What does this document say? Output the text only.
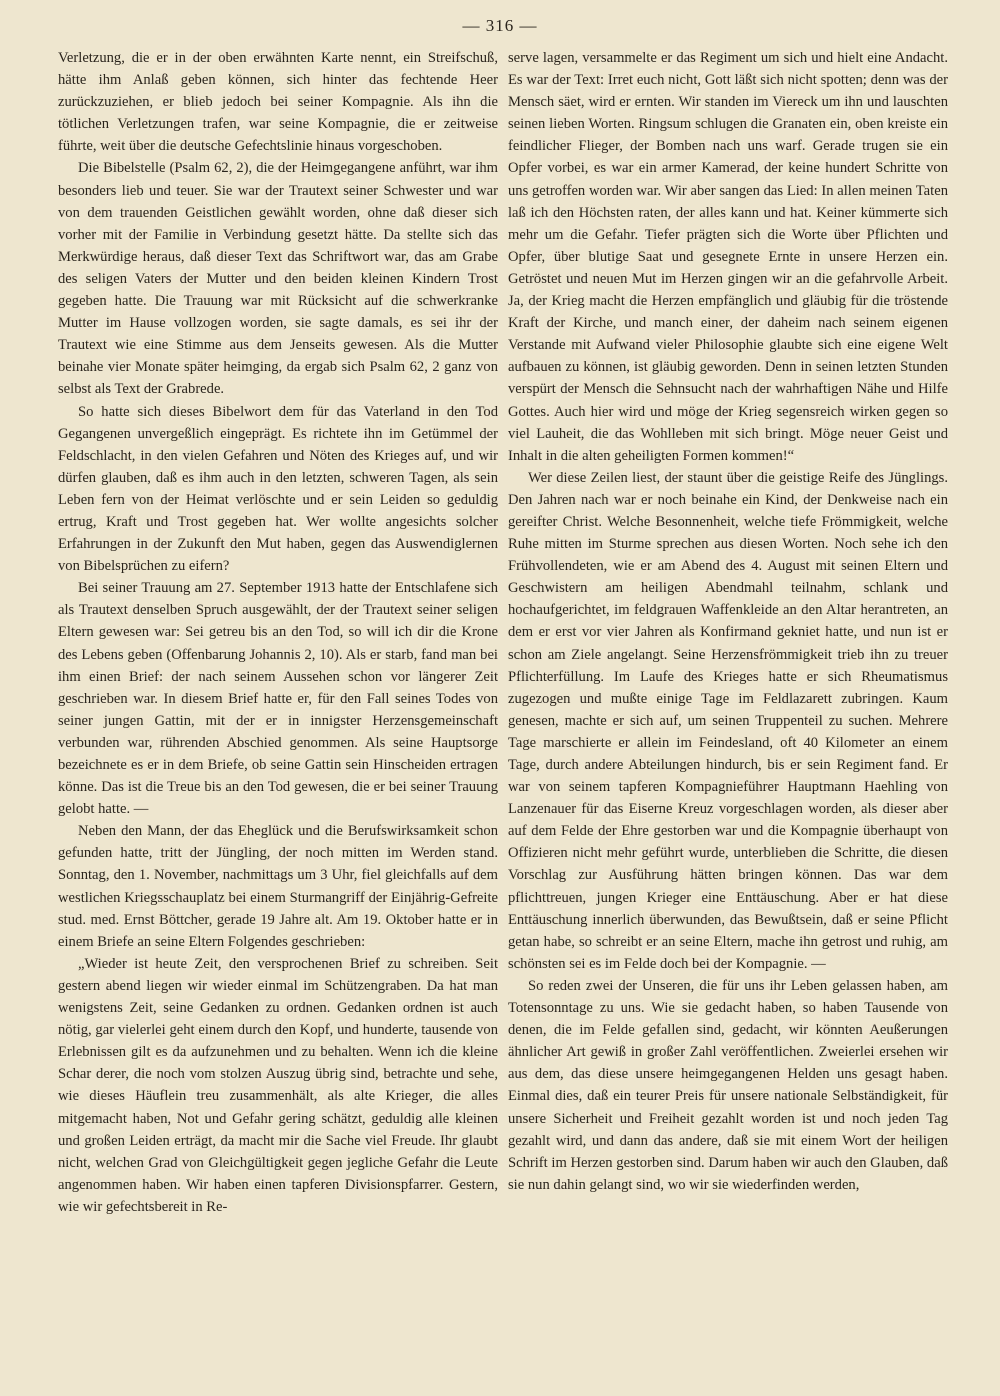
— 316 —

Verletzung, die er in der oben erwähnten Karte nennt, ein Streifschuß, hätte ihm Anlaß geben können, sich hinter das fechtende Heer zurückzuziehen, er blieb jedoch bei seiner Kompagnie. Als ihn die tötlichen Verletzungen trafen, war seine Kompagnie, die er zeitweise führte, weit über die deutsche Gefechtslinie hinaus vorgeschoben.

Die Bibelstelle (Psalm 62, 2), die der Heimgegangene anführt, war ihm besonders lieb und teuer. Sie war der Trautext seiner Schwester und war von dem trauenden Geistlichen gewählt worden, ohne daß dieser sich vorher mit der Familie in Verbindung gesetzt hätte. Da stellte sich das Merkwürdige heraus, daß dieser Text das Schriftwort war, das am Grabe des seligen Vaters der Mutter und den beiden kleinen Kindern Trost gegeben hatte. Die Trauung war mit Rücksicht auf die schwerkranke Mutter im Hause vollzogen worden, sie sagte damals, es sei ihr der Trautext wie eine Stimme aus dem Jenseits gewesen. Als die Mutter beinahe vier Monate später heimging, da ergab sich Psalm 62, 2 ganz von selbst als Text der Grabrede.

So hatte sich dieses Bibelwort dem für das Vaterland in den Tod Gegangenen unvergeßlich eingeprägt. Es richtete ihn im Getümmel der Feldschlacht, in den vielen Gefahren und Nöten des Krieges auf, und wir dürfen glauben, daß es ihm auch in den letzten, schweren Tagen, als sein Leben fern von der Heimat verlöschte und er sein Leiden so geduldig ertrug, Kraft und Trost gegeben hat. Wer wollte angesichts solcher Erfahrungen in der Zukunft den Mut haben, gegen das Auswendiglernen von Bibelsprüchen zu eifern?

Bei seiner Trauung am 27. September 1913 hatte der Entschlafene sich als Trautext denselben Spruch ausgewählt, der der Trautext seiner seligen Eltern gewesen war: Sei getreu bis an den Tod, so will ich dir die Krone des Lebens geben (Offenbarung Johannis 2, 10). Als er starb, fand man bei ihm einen Brief: der nach seinem Aussehen schon vor längerer Zeit geschrieben war. In diesem Brief hatte er, für den Fall seines Todes von seiner jungen Gattin, mit der er in innigster Herzensgemeinschaft verbunden war, rührenden Abschied genommen. Als seine Hauptsorge bezeichnete es er in dem Briefe, ob seine Gattin sein Hinscheiden ertragen könne. Das ist die Treue bis an den Tod gewesen, die er bei seiner Trauung gelobt hatte. —

Neben den Mann, der das Eheglück und die Berufswirksamkeit schon gefunden hatte, tritt der Jüngling, der noch mitten im Werden stand. Sonntag, den 1. November, nachmittags um 3 Uhr, fiel gleichfalls auf dem westlichen Kriegsschauplatz bei einem Sturmangriff der Einjährig-Gefreite stud. med. Ernst Böttcher, gerade 19 Jahre alt. Am 19. Oktober hatte er in einem Briefe an seine Eltern Folgendes geschrieben:

„Wieder ist heute Zeit, den versprochenen Brief zu schreiben. Seit gestern abend liegen wir wieder einmal im Schützengraben. Da hat man wenigstens Zeit, seine Gedanken zu ordnen. Gedanken ordnen ist auch nötig, gar vielerlei geht einem durch den Kopf, und hunderte, tausende von Erlebnissen gilt es da aufzunehmen und zu behalten. Wenn ich die kleine Schar derer, die noch vom stolzen Auszug übrig sind, betrachte und sehe, wie dieses Häuflein treu zusammenhält, als alte Krieger, die alles mitgemacht haben, Not und Gefahr gering schätzt, geduldig alle kleinen und großen Leiden erträgt, da macht mir die Sache viel Freude. Ihr glaubt nicht, welchen Grad von Gleichgültigkeit gegen jegliche Gefahr die Leute angenommen haben. Wir haben einen tapferen Divisionspfarrer. Gestern, wie wir gefechtsbereit in Re-

serve lagen, versammelte er das Regiment um sich und hielt eine Andacht. Es war der Text: Irret euch nicht, Gott läßt sich nicht spotten; denn was der Mensch säet, wird er ernten. Wir standen im Viereck um ihn und lauschten seinen lieben Worten. Ringsum schlugen die Granaten ein, oben kreiste ein feindlicher Flieger, der Bomben nach uns warf. Gerade trugen sie ein Opfer vorbei, es war ein armer Kamerad, der keine hundert Schritte von uns getroffen worden war. Wir aber sangen das Lied: In allen meinen Taten laß ich den Höchsten raten, der alles kann und hat. Keiner kümmerte sich mehr um die Gefahr. Tiefer prägten sich die Worte über Pflichten und Opfer, über blutige Saat und gesegnete Ernte in unsere Herzen ein. Getröstet und neuen Mut im Herzen gingen wir an die gefahrvolle Arbeit. Ja, der Krieg macht die Herzen empfänglich und gläubig für die tröstende Kraft der Kirche, und manch einer, der daheim nach seinem eigenen Verstande mit Aufwand vieler Philosophie glaubte sich eine eigene Welt aufbauen zu können, ist gläubig geworden. Denn in seinen letzten Stunden verspürt der Mensch die Sehnsucht nach der wahrhaftigen Nähe und Hilfe Gottes. Auch hier wird und möge der Krieg segensreich wirken gegen so viel Lauheit, die das Wohlleben mit sich bringt. Möge neuer Geist und Inhalt in die alten geheiligten Formen kommen!“

Wer diese Zeilen liest, der staunt über die geistige Reife des Jünglings. Den Jahren nach war er noch beinahe ein Kind, der Denkweise nach ein gereifter Christ. Welche Besonnenheit, welche tiefe Frömmigkeit, welche Ruhe mitten im Sturme sprechen aus diesen Worten. Noch sehe ich den Frühvollendeten, wie er am Abend des 4. August mit seinen Eltern und Geschwistern am heiligen Abendmahl teilnahm, schlank und hochaufgerichtet, im feldgrauen Waffenkleide an den Altar herantreten, an dem er erst vor vier Jahren als Konfirmand gekniet hatte, und nun ist er schon am Ziele angelangt. Seine Herzensfrömmigkeit trieb ihn zu treuer Pflichterfüllung. Im Laufe des Krieges hatte er sich Rheumatismus zugezogen und mußte einige Tage im Feldlazarett zubringen. Kaum genesen, machte er sich auf, um seinen Truppenteil zu suchen. Mehrere Tage marschierte er allein im Feindesland, oft 40 Kilometer an einem Tage, durch andere Abteilungen hindurch, bis er sein Regiment fand. Er war von seinem tapferen Kompagnieführer Hauptmann Haehling von Lanzenauer für das Eiserne Kreuz vorgeschlagen worden, als dieser aber auf dem Felde der Ehre gestorben war und die Kompagnie überhaupt von Offizieren nicht mehr geführt wurde, unterblieben die Schritte, die diesen Vorschlag zur Ausführung hätten bringen können. Das war dem pflichttreuen, jungen Krieger eine Enttäuschung. Aber er hat diese Enttäuschung innerlich überwunden, das Bewußtsein, daß er seine Pflicht getan habe, so schreibt er an seine Eltern, mache ihn getrost und ruhig, am schönsten sei es im Felde doch bei der Kompagnie. —

So reden zwei der Unseren, die für uns ihr Leben gelassen haben, am Totensonntage zu uns. Wie sie gedacht haben, so haben Tausende von denen, die im Felde gefallen sind, gedacht, wir könnten Aeußerungen ähnlicher Art gewiß in großer Zahl veröffentlichen. Zweierlei ersehen wir aus dem, das diese unsere heimgegangenen Helden uns gesagt haben. Einmal dies, daß ein teurer Preis für unsere nationale Selbständigkeit, für unsere Sicherheit und Freiheit gezahlt worden ist und noch jeden Tag gezahlt wird, und dann das andere, daß sie mit einem Wort der heiligen Schrift im Herzen gestorben sind. Darum haben wir auch den Glauben, daß sie nun dahin gelangt sind, wo wir sie wiederfinden werden,
